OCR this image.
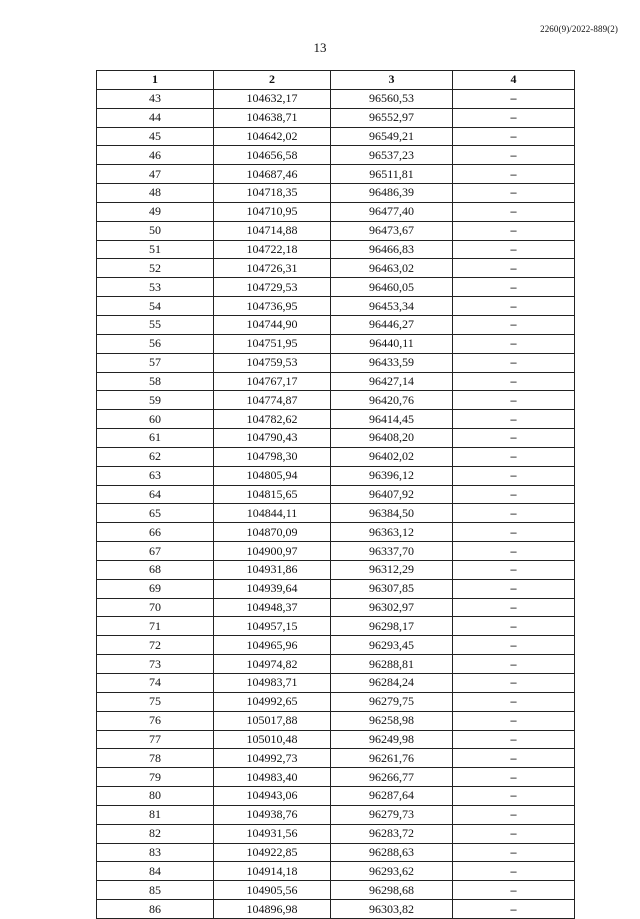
2260(9)/2022-889(2)
13
1	2	3	4
43	104632,17	96560,53	–
44	104638,71	96552,97	–
45	104642,02	96549,21	–
46	104656,58	96537,23	–
47	104687,46	96511,81	–
48	104718,35	96486,39	–
49	104710,95	96477,40	–
50	104714,88	96473,67	–
51	104722,18	96466,83	–
52	104726,31	96463,02	–
53	104729,53	96460,05	–
54	104736,95	96453,34	–
55	104744,90	96446,27	–
56	104751,95	96440,11	–
57	104759,53	96433,59	–
58	104767,17	96427,14	–
59	104774,87	96420,76	–
60	104782,62	96414,45	–
61	104790,43	96408,20	–
62	104798,30	96402,02	–
63	104805,94	96396,12	–
64	104815,65	96407,92	–
65	104844,11	96384,50	–
66	104870,09	96363,12	–
67	104900,97	96337,70	–
68	104931,86	96312,29	–
69	104939,64	96307,85	–
70	104948,37	96302,97	–
71	104957,15	96298,17	–
72	104965,96	96293,45	–
73	104974,82	96288,81	–
74	104983,71	96284,24	–
75	104992,65	96279,75	–
76	105017,88	96258,98	–
77	105010,48	96249,98	–
78	104992,73	96261,76	–
79	104983,40	96266,77	–
80	104943,06	96287,64	–
81	104938,76	96279,73	–
82	104931,56	96283,72	–
83	104922,85	96288,63	–
84	104914,18	96293,62	–
85	104905,56	96298,68	–
86	104896,98	96303,82	–
